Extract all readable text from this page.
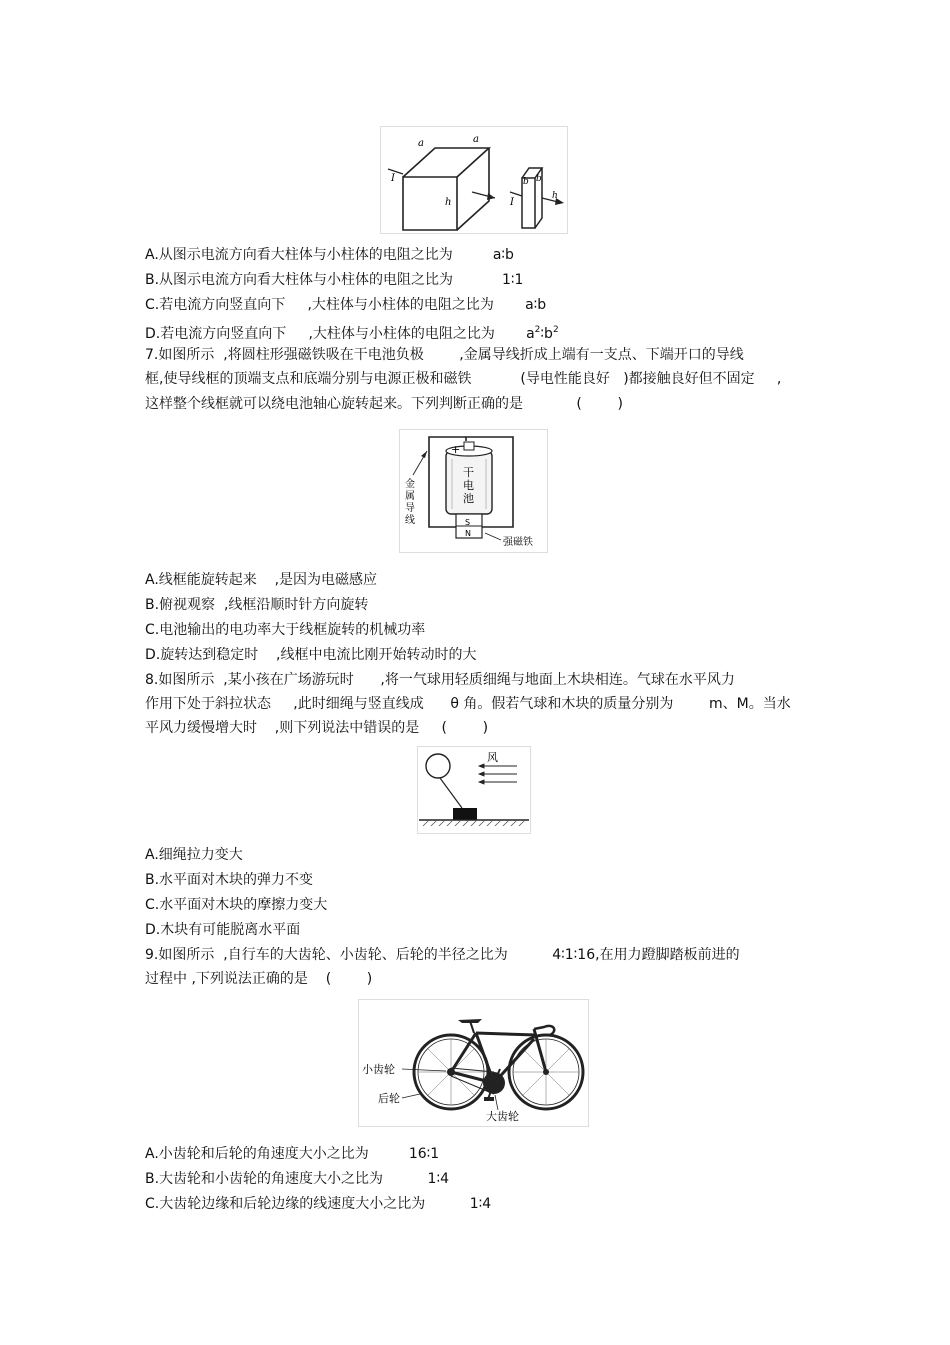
a	a
h
I
I
b b
h
A.从图示电流方向看大柱体与小柱体的电阻之比为         a∶b
B.从图示电流方向看大柱体与小柱体的电阻之比为           1∶1
C.若电流方向竖直向下     ,大柱体与小柱体的电阻之比为       a∶b
D.若电流方向竖直向下     ,大柱体与小柱体的电阻之比为       $a^2∶b^2$
7.如图所示  ,将圆柱形强磁铁吸在干电池负极        ,金属导线折成上端有一支点、下端开口的导线
框,使导线框的顶端支点和底端分别与电源正极和磁铁           (导电性能良好   )都接触良好但不固定     ,
这样整个线框就可以绕电池轴心旋转起来。下列判断正确的是            (        )
+
干
电
池
S
N
金
属
导
线
强磁铁
A.线框能旋转起来    ,是因为电磁感应
B.俯视观察  ,线框沿顺时针方向旋转
C.电池输出的电功率大于线框旋转的机械功率
D.旋转达到稳定时    ,线框中电流比刚开始转动时的大
8.如图所示  ,某小孩在广场游玩时      ,将一气球用轻质细绳与地面上木块相连。气球在水平风力
作用下处于斜拉状态     ,此时细绳与竖直线成      θ 角。假若气球和木块的质量分别为        m、M。当水
平风力缓慢增大时    ,则下列说法中错误的是     (        )
风
A.细绳拉力变大
B.水平面对木块的弹力不变
C.水平面对木块的摩擦力变大
D.木块有可能脱离水平面
9.如图所示  ,自行车的大齿轮、小齿轮、后轮的半径之比为          4∶1∶16,在用力蹬脚踏板前进的
过程中 ,下列说法正确的是    (        )
小齿轮
后轮
大齿轮
A.小齿轮和后轮的角速度大小之比为         16∶1
B.大齿轮和小齿轮的角速度大小之比为          1∶4
C.大齿轮边缘和后轮边缘的线速度大小之比为          1∶4
